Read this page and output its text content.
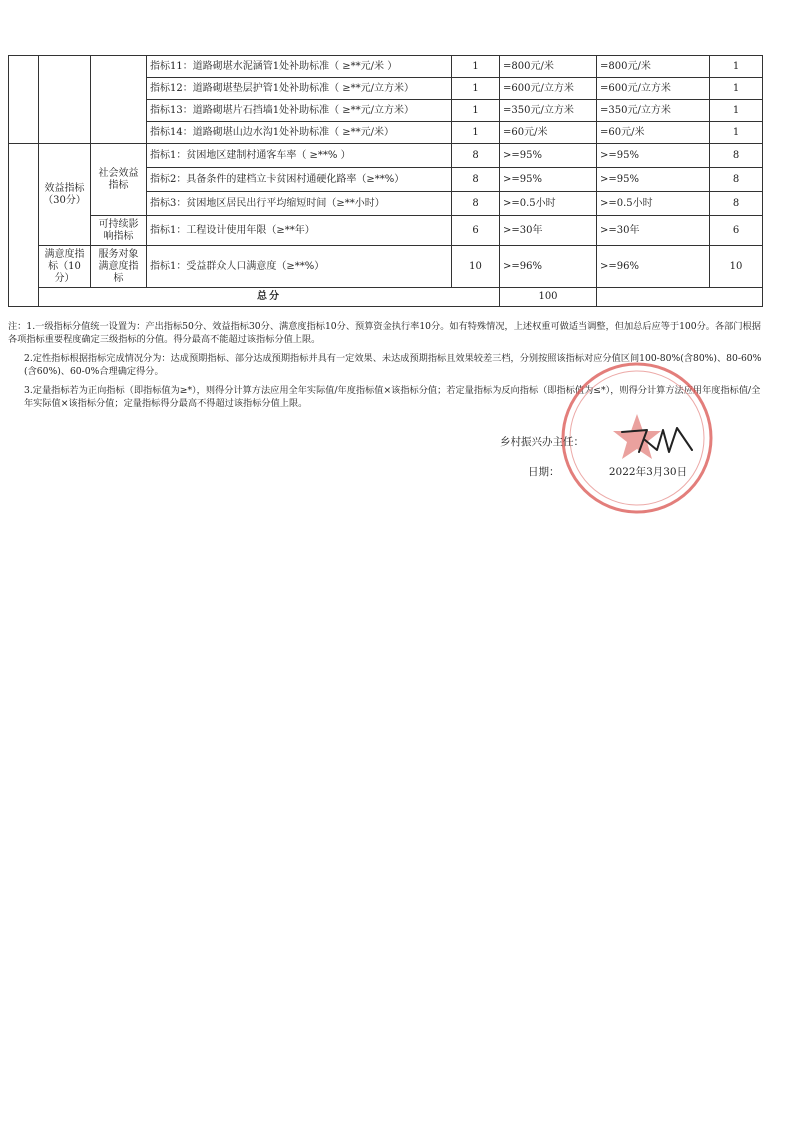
			指标11：道路砌堪水泥涵管1处补助标准（ ≥**元/米 ）	1	=800元/米	=800元/米	1	
			指标12：道路砌堪垫层护管1处补助标准（ ≥**元/立方米）	1	=600元/立方米	=600元/立方米	1	
			指标13：道路砌堪片石挡墙1处补助标准（ ≥**元/立方米）	1	=350元/立方米	=350元/立方米	1	
			指标14：道路砌堪山边水沟1处补助标准（ ≥**元/米）	1	=60元/米	=60元/米	1	
	效益指标（30分）	社会效益指标	指标1：贫困地区建制村通客车率（ ≥**% ）	8	>=95%	>=95%	8	
			指标2：具备条件的建档立卡贫困村通硬化路率（≥**%）	8	>=95%	>=95%	8	
			指标3：贫困地区居民出行平均缩短时间（≥**小时）	8	>=0.5小时	>=0.5小时	8	
		可持续影响指标	指标1：工程设计使用年限（≥**年）	6	>=30年	>=30年	6	
	满意度指标（10分）	服务对象满意度指标	指标1：受益群众人口满意度（≥**%）	10	>=96%	>=96%	10	
	总分				100		

注：1.一级指标分值统一设置为：产出指标50分、效益指标30分、满意度指标10分、预算资金执行率10分。如有特殊情况，上述权重可做适当调整，但加总后应等于100分。各部门根据各项指标重要程度确定三级指标的分值。得分最高不能超过该指标分值上限。

2.定性指标根据指标完成情况分为：达成预期指标、部分达成预期指标并具有一定效果、未达成预期指标且效果较差三档，分别按照该指标对应分值区间100-80%(含80%)、80-60%(含60%)、60-0%合理确定得分。

3.定量指标若为正向指标（即指标值为≥*），则得分计算方法应用全年实际值/年度指标值×该指标分值；若定量指标为反向指标（即指标值为≤*），则得分计算方法应用年度指标值/全年实际值×该指标分值；定量指标得分最高不得超过该指标分值上限。

乡村振兴办主任：
日期：	2022年3月30日
